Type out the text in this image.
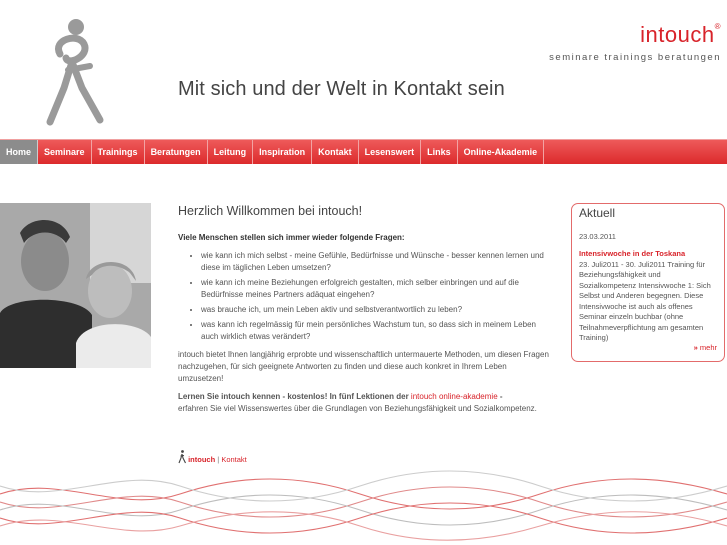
Mit sich und der Welt in Kontakt sein
intouch®
seminare trainings beratungen
Home	Seminare	Trainings	Beratungen	Leitung	Inspiration	Kontakt	Lesenswert	Links	Online-Akademie
Herzlich Willkommen bei intouch!

Viele Menschen stellen sich immer wieder folgende Fragen:

• wie kann ich mich selbst - meine Gefühle, Bedürfnisse und Wünsche - besser kennen lernen und diese im täglichen Leben umsetzen?
• wie kann ich meine Beziehungen erfolgreich gestalten, mich selber einbringen und auf die Bedürfnisse meines Partners adäquat eingehen?
• was brauche ich, um mein Leben aktiv und selbstverantwortlich zu leben?
• was kann ich regelmässig für mein persönliches Wachstum tun, so dass sich in meinem Leben auch wirklich etwas verändert?

intouch bietet Ihnen langjährig erprobte und wissenschaftlich untermauerte Methoden, um diesen Fragen nachzugehen, für sich geeignete Antworten zu finden und diese auch konkret in Ihrem Leben umzusetzen!

Lernen Sie intouch kennen - kostenlos! In fünf Lektionen der intouch online-akademie -
erfahren Sie viel Wissenswertes über die Grundlagen von Beziehungsfähigkeit und Sozialkompetenz.

Aktuell
23.03.2011
Intensivwoche in der Toskana
23. Juli2011 - 30. Juli2011 Training für Beziehungsfähigkeit und Sozialkompetenz Intensivwoche 1: Sich Selbst und Anderen begegnen. Diese Intensivwoche ist auch als offenes Seminar einzeln buchbar (ohne Teilnahmeverpflichtung am gesamten Training)
» mehr
intouch | Kontakt
